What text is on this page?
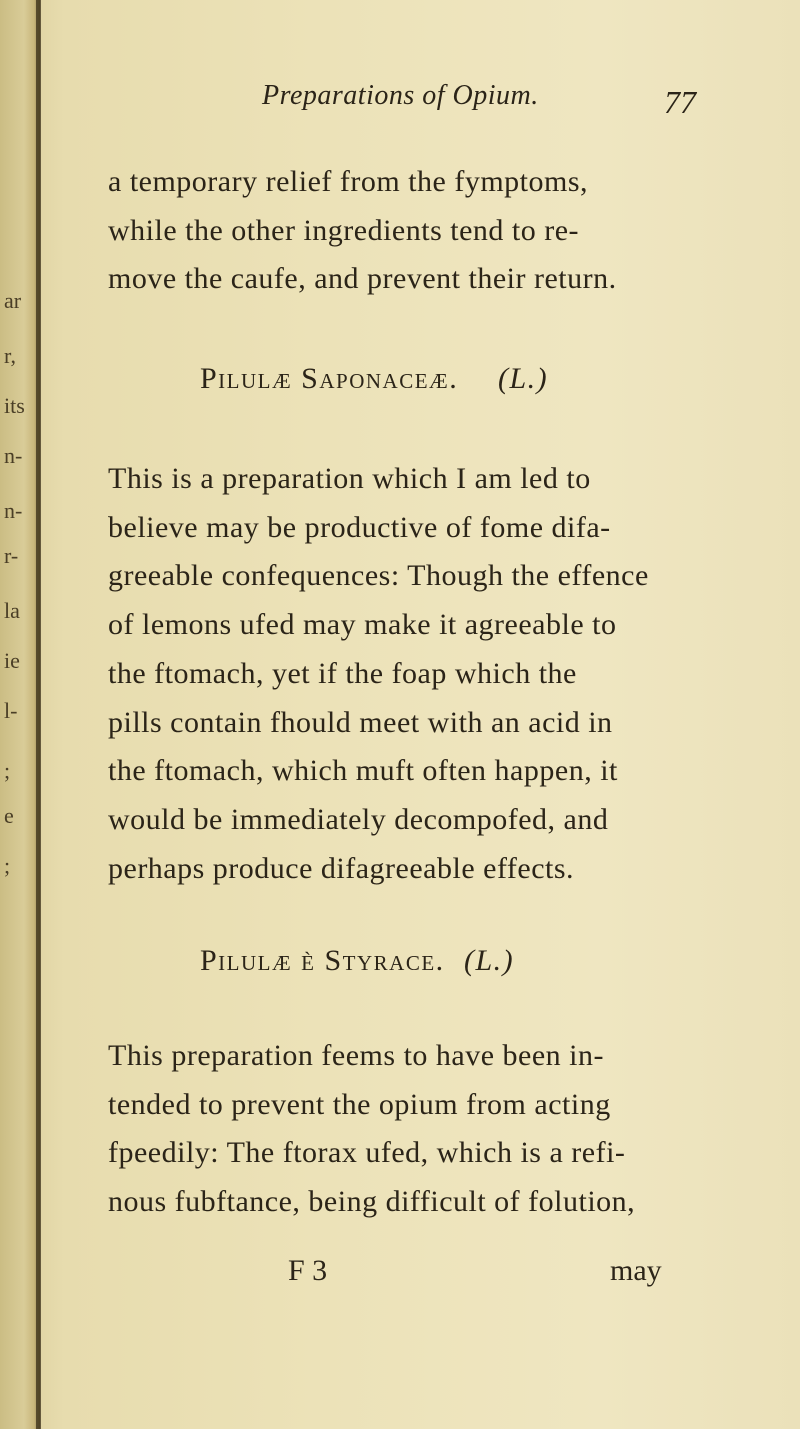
ar
r,
its
n-
n-
r-
la
ie
l-
;
e
;
Preparations of Opium.	77
a temporary relief from the fymptoms,
while the other ingredients tend to re-
move the caufe, and prevent their return.
Pilulæ Saponaceæ. (L.)
This is a preparation which I am led to
believe may be productive of fome difa-
greeable confequences: Though the effence
of lemons ufed may make it agreeable to
the ftomach, yet if the foap which the
pills contain fhould meet with an acid in
the ftomach, which muft often happen, it
would be immediately decompofed, and
perhaps produce difagreeable effects.
Pilulæ è Styrace. (L.)
This preparation feems to have been in-
tended to prevent the opium from acting
fpeedily: The ftorax ufed, which is a refi-
nous fubftance, being difficult of folution,
F 3	may
